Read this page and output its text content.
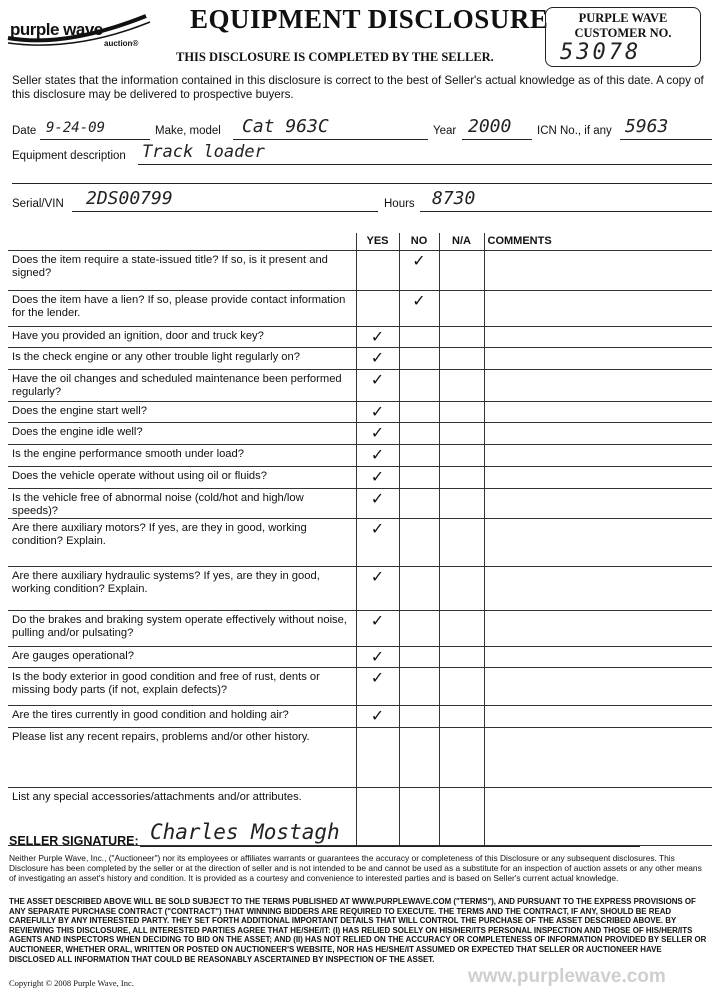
purple wave
auction®
EQUIPMENT DISCLOSURE
THIS DISCLOSURE IS COMPLETED BY THE SELLER.
PURPLE WAVE
CUSTOMER NO.
53078
Seller states that the information contained in this disclosure is correct to the best of Seller's actual knowledge as of this date. A copy of this disclosure may be delivered to prospective buyers.
Date 9-24-09	Make, model Cat 963C	Year 2000 ICN No., if any 5963
Equipment description Track loader
Serial/VIN 2DS00799	Hours 8730
	YES	NO	N/A	COMMENTS
Does the item require a state-issued title? If so, is it present and signed?		✓		
Does the item have a lien? If so, please provide contact information for the lender.		✓		
Have you provided an ignition, door and truck key?	✓			
Is the check engine or any other trouble light regularly on?	✓			
Have the oil changes and scheduled maintenance been performed regularly?	✓			
Does the engine start well?	✓			
Does the engine idle well?	✓			
Is the engine performance smooth under load?	✓			
Does the vehicle operate without using oil or fluids?	✓			
Is the vehicle free of abnormal noise (cold/hot and high/low speeds)?	✓			
Are there auxiliary motors? If yes, are they in good, working condition? Explain.	✓			
Are there auxiliary hydraulic systems? If yes, are they in good, working condition? Explain.	✓			
Do the brakes and braking system operate effectively without noise, pulling and/or pulsating?	✓			
Are gauges operational?	✓			
Is the body exterior in good condition and free of rust, dents or missing body parts (if not, explain defects)?	✓			
Are the tires currently in good condition and holding air?	✓			
Please list any recent repairs, problems and/or other history.				
List any special accessories/attachments and/or attributes.				
SELLER SIGNATURE: Charles Mostagh
Neither Purple Wave, Inc., ("Auctioneer") nor its employees or affiliates warrants or guarantees the accuracy or completeness of this Disclosure or any subsequent disclosures. This Disclosure has been completed by the seller or at the direction of seller and is not intended to be and cannot be used as a substitute for an inspection of auction assets or any other means of investigating an asset's history and condition. It is provided as a courtesy and convenience to interested parties and is based on Seller's current actual knowledge.
THE ASSET DESCRIBED ABOVE WILL BE SOLD SUBJECT TO THE TERMS PUBLISHED AT WWW.PURPLEWAVE.COM ("TERMS"), AND PURSUANT TO THE EXPRESS PROVISIONS OF ANY SEPARATE PURCHASE CONTRACT ("CONTRACT") THAT WINNING BIDDERS ARE REQUIRED TO EXECUTE. THE TERMS AND THE CONTRACT, IF ANY, SHOULD BE READ CAREFULLY BY ANY INTERESTED PARTY. THEY SET FORTH ADDITIONAL IMPORTANT DETAILS THAT WILL CONTROL THE PURCHASE OF THE ASSET DESCRIBED ABOVE. BY REVIEWING THIS DISCLOSURE, ALL INTERESTED PARTIES AGREE THAT HE/SHE/IT: (I) HAS RELIED SOLELY ON HIS/HER/ITS PERSONAL INSPECTION AND THOSE OF HIS/HER/ITS AGENTS AND INSPECTORS WHEN DECIDING TO BID ON THE ASSET; AND (II) HAS NOT RELIED ON THE ACCURACY OR COMPLETENESS OF INFORMATION PROVIDED BY SELLER OR AUCTIONEER, WHETHER ORAL, WRITTEN OR POSTED ON AUCTIONEER'S WEBSITE, NOR HAS HE/SHE/IT ASSUMED OR EXPECTED THAT SELLER OR AUCTIONEER HAVE DISCLOSED ALL INFORMATION THAT COULD BE REASONABLY ASCERTAINED BY INSPECTION OF THE ASSET.
Copyright © 2008 Purple Wave, Inc.	www.purplewave.com
